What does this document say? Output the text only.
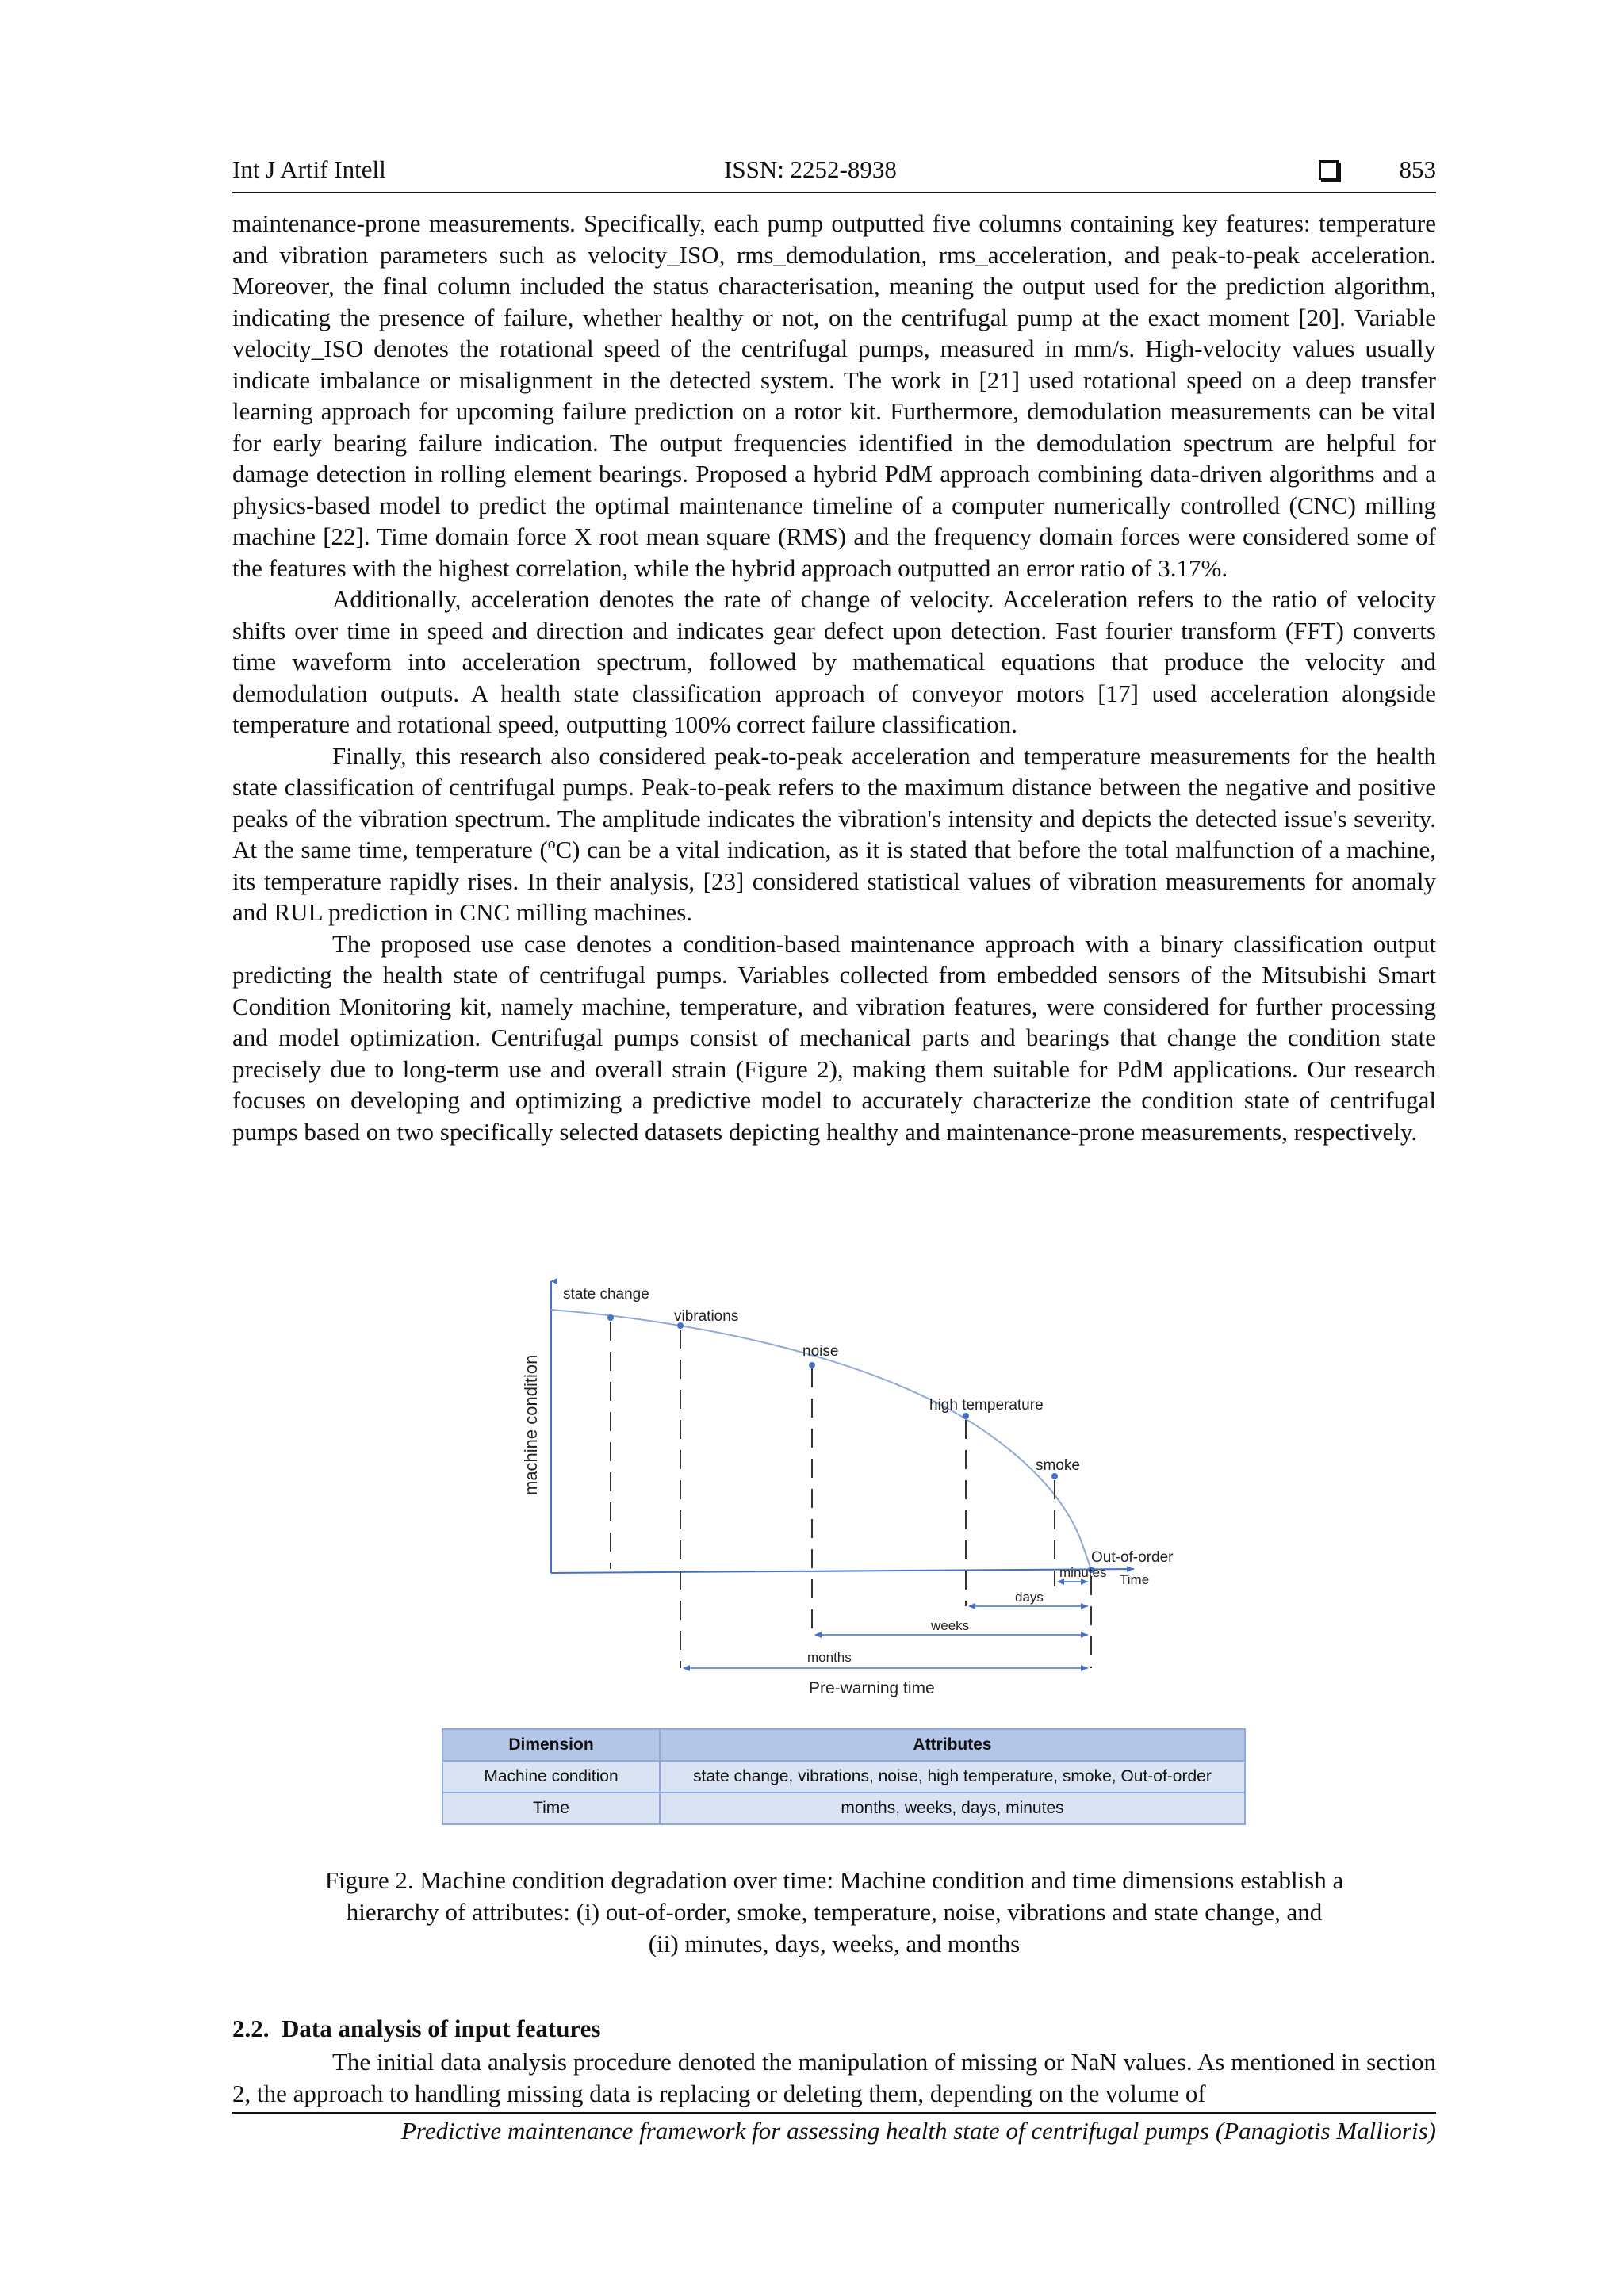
Int J Artif Intell	ISSN: 2252-8938	853

maintenance-prone measurements. Specifically, each pump outputted five columns containing key features: temperature and vibration parameters such as velocity_ISO, rms_demodulation, rms_acceleration, and peak-to-peak acceleration. Moreover, the final column included the status characterisation, meaning the output used for the prediction algorithm, indicating the presence of failure, whether healthy or not, on the centrifugal pump at the exact moment [20]. Variable velocity_ISO denotes the rotational speed of the centrifugal pumps, measured in mm/s. High-velocity values usually indicate imbalance or misalignment in the detected system. The work in [21] used rotational speed on a deep transfer learning approach for upcoming failure prediction on a rotor kit. Furthermore, demodulation measurements can be vital for early bearing failure indication. The output frequencies identified in the demodulation spectrum are helpful for damage detection in rolling element bearings. Proposed a hybrid PdM approach combining data-driven algorithms and a physics-based model to predict the optimal maintenance timeline of a computer numerically controlled (CNC) milling machine [22]. Time domain force X root mean square (RMS) and the frequency domain forces were considered some of the features with the highest correlation, while the hybrid approach outputted an error ratio of 3.17%.

Additionally, acceleration denotes the rate of change of velocity. Acceleration refers to the ratio of velocity shifts over time in speed and direction and indicates gear defect upon detection. Fast fourier transform (FFT) converts time waveform into acceleration spectrum, followed by mathematical equations that produce the velocity and demodulation outputs. A health state classification approach of conveyor motors [17] used acceleration alongside temperature and rotational speed, outputting 100% correct failure classification.

Finally, this research also considered peak-to-peak acceleration and temperature measurements for the health state classification of centrifugal pumps. Peak-to-peak refers to the maximum distance between the negative and positive peaks of the vibration spectrum. The amplitude indicates the vibration's intensity and depicts the detected issue's severity. At the same time, temperature (ºC) can be a vital indication, as it is stated that before the total malfunction of a machine, its temperature rapidly rises. In their analysis, [23] considered statistical values of vibration measurements for anomaly and RUL prediction in CNC milling machines.

The proposed use case denotes a condition-based maintenance approach with a binary classification output predicting the health state of centrifugal pumps. Variables collected from embedded sensors of the Mitsubishi Smart Condition Monitoring kit, namely machine, temperature, and vibration features, were considered for further processing and model optimization. Centrifugal pumps consist of mechanical parts and bearings that change the condition state precisely due to long-term use and overall strain (Figure 2), making them suitable for PdM applications. Our research focuses on developing and optimizing a predictive model to accurately characterize the condition state of centrifugal pumps based on two specifically selected datasets depicting healthy and maintenance-prone measurements, respectively.

state change
vibrations
noise
high temperature
smoke
Out-of-order
machine condition
Time
minutes
days
weeks
months
Pre-warning time
Dimension	Attributes
Machine condition	state change, vibrations, noise, high temperature, smoke, Out-of-order
Time	months, weeks, days, minutes
Figure 2. Machine condition degradation over time: Machine condition and time dimensions establish a
hierarchy of attributes: (i) out-of-order, smoke, temperature, noise, vibrations and state change, and
(ii) minutes, days, weeks, and months
2.2.  Data analysis of input features

The initial data analysis procedure denoted the manipulation of missing or NaN values. As mentioned in section 2, the approach to handling missing data is replacing or deleting them, depending on the volume of

Predictive maintenance framework for assessing health state of centrifugal pumps (Panagiotis Mallioris)
